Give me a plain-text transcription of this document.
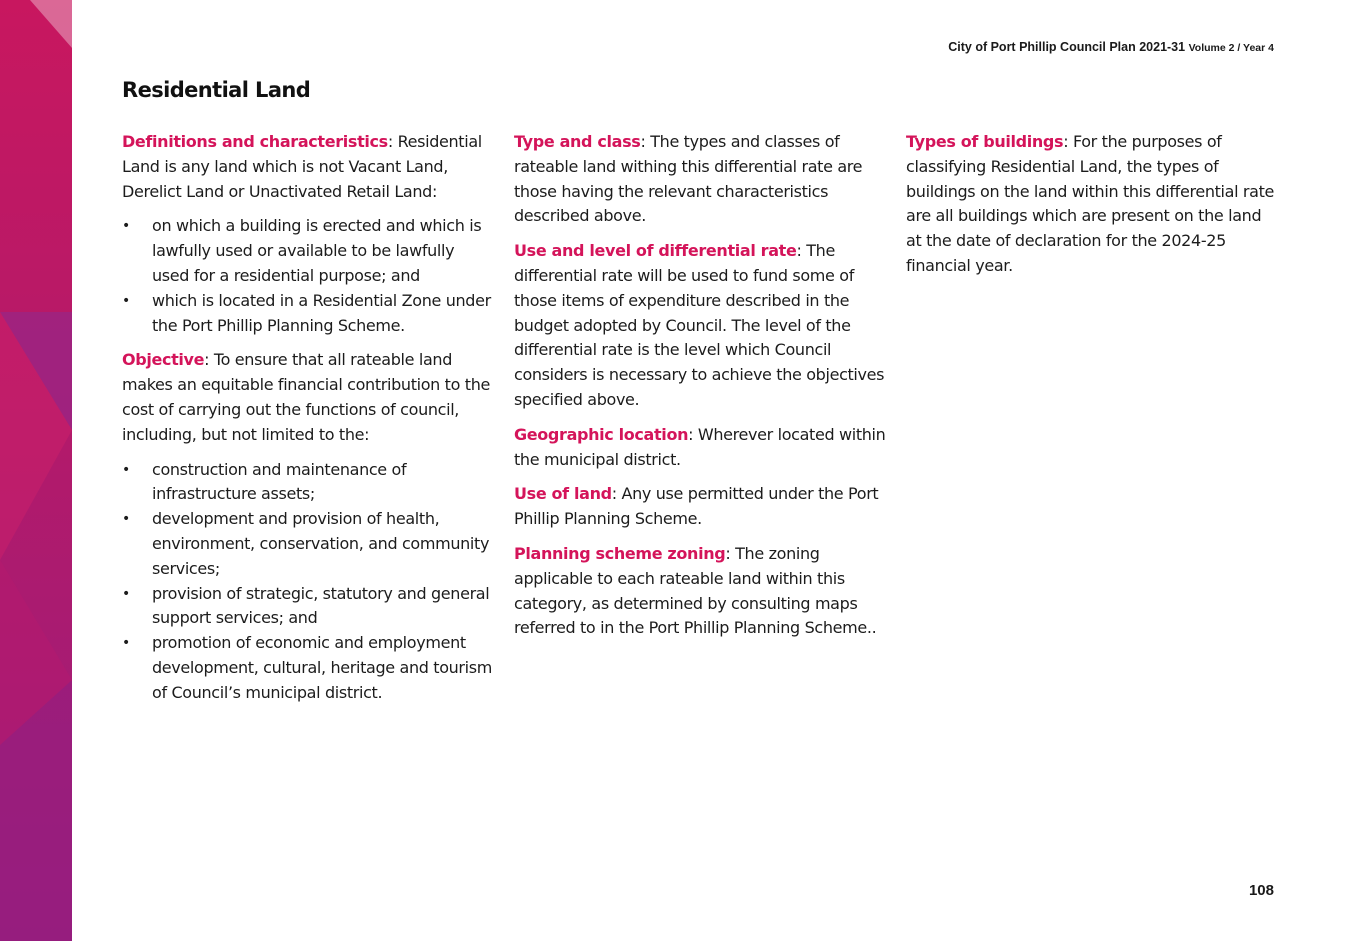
City of Port Phillip Council Plan 2021-31 Volume 2 / Year 4
Residential Land

Definitions and characteristics: Residential Land is any land which is not Vacant Land, Derelict Land or Unactivated Retail Land:

• on which a building is erected and which is lawfully used or available to be lawfully used for a residential purpose; and
• which is located in a Residential Zone under the Port Phillip Planning Scheme.

Objective: To ensure that all rateable land makes an equitable financial contribution to the cost of carrying out the functions of council, including, but not limited to the:

• construction and maintenance of infrastructure assets;
• development and provision of health, environment, conservation, and community services;
• provision of strategic, statutory and general support services; and
• promotion of economic and employment development, cultural, heritage and tourism of Council’s municipal district.

Type and class: The types and classes of rateable land withing this differential rate are those having the relevant characteristics described above.

Use and level of differential rate: The differential rate will be used to fund some of those items of expenditure described in the budget adopted by Council. The level of the differential rate is the level which Council considers is necessary to achieve the objectives specified above.

Geographic location: Wherever located within the municipal district.

Use of land: Any use permitted under the Port Phillip Planning Scheme.

Planning scheme zoning: The zoning applicable to each rateable land within this category, as determined by consulting maps referred to in the Port Phillip Planning Scheme..

Types of buildings: For the purposes of classifying Residential Land, the types of buildings on the land within this differential rate are all buildings which are present on the land at the date of declaration for the 2024-25 financial year.

108
